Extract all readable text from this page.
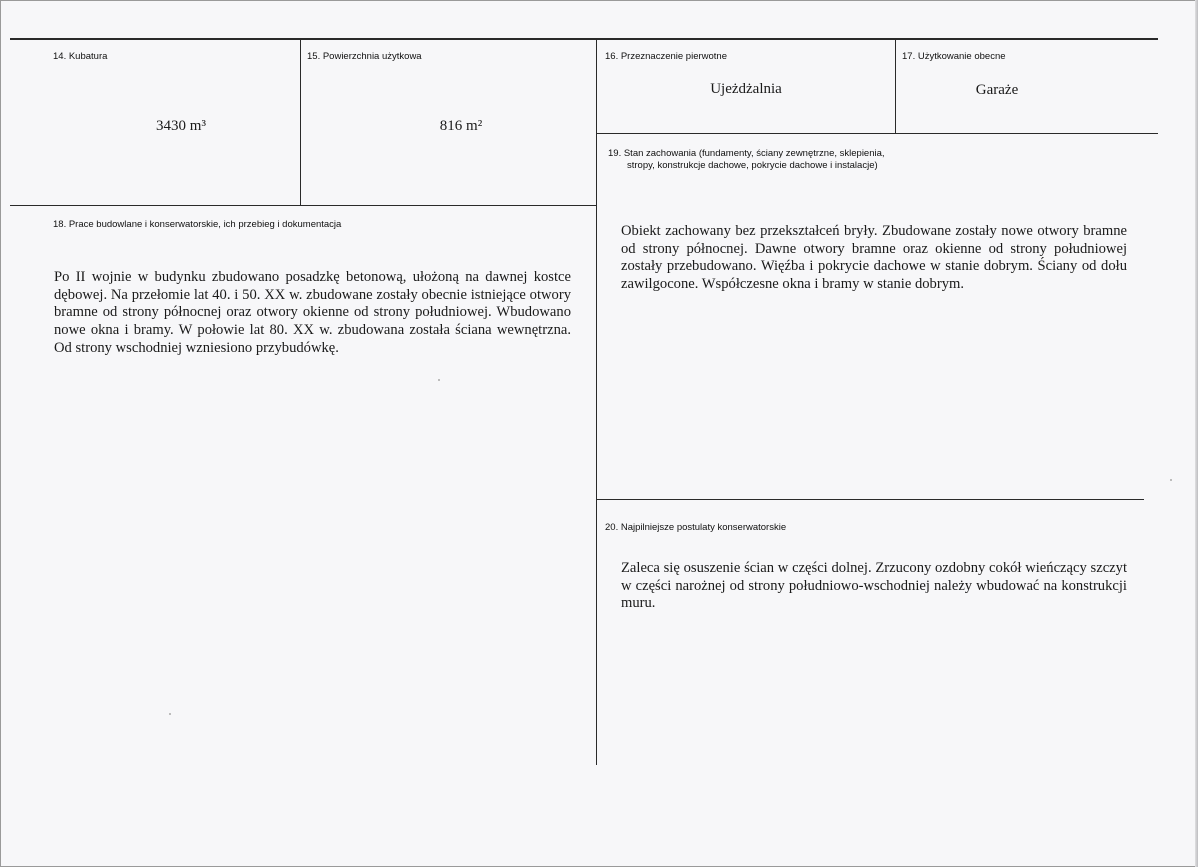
14. Kubatura
3430 m³
15. Powierzchnia użytkowa
816 m²
16. Przeznaczenie pierwotne
Ujeżdżalnia
17. Użytkowanie obecne
Garaże
18. Prace budowlane i konserwatorskie, ich przebieg i dokumentacja
Po II wojnie w budynku zbudowano posadzkę betonową, ułożoną na dawnej kostce dębowej. Na przełomie lat 40. i 50. XX w. zbudowane zostały obecnie istniejące otwory bramne od strony północnej oraz otwory okienne od strony południowej. Wbudowano nowe okna i bramy. W połowie lat 80. XX w. zbudowana została ściana wewnętrzna. Od strony wschodniej wzniesiono przybudówkę.
19. Stan zachowania (fundamenty, ściany zewnętrzne, sklepienia,
stropy, konstrukcje dachowe, pokrycie dachowe i instalacje)
Obiekt zachowany bez przekształceń bryły. Zbudowane zostały nowe otwory bramne od strony północnej. Dawne otwory bramne oraz okienne od strony południowej zostały przebudowano. Więźba i pokrycie dachowe w stanie dobrym. Ściany od dołu zawilgocone. Współczesne okna i bramy w stanie dobrym.
20. Najpilniejsze postulaty konserwatorskie
Zaleca się osuszenie ścian w części dolnej. Zrzucony ozdobny cokół wieńczący szczyt w części narożnej od strony południowo-wschodniej należy wbudować na konstrukcji muru.
